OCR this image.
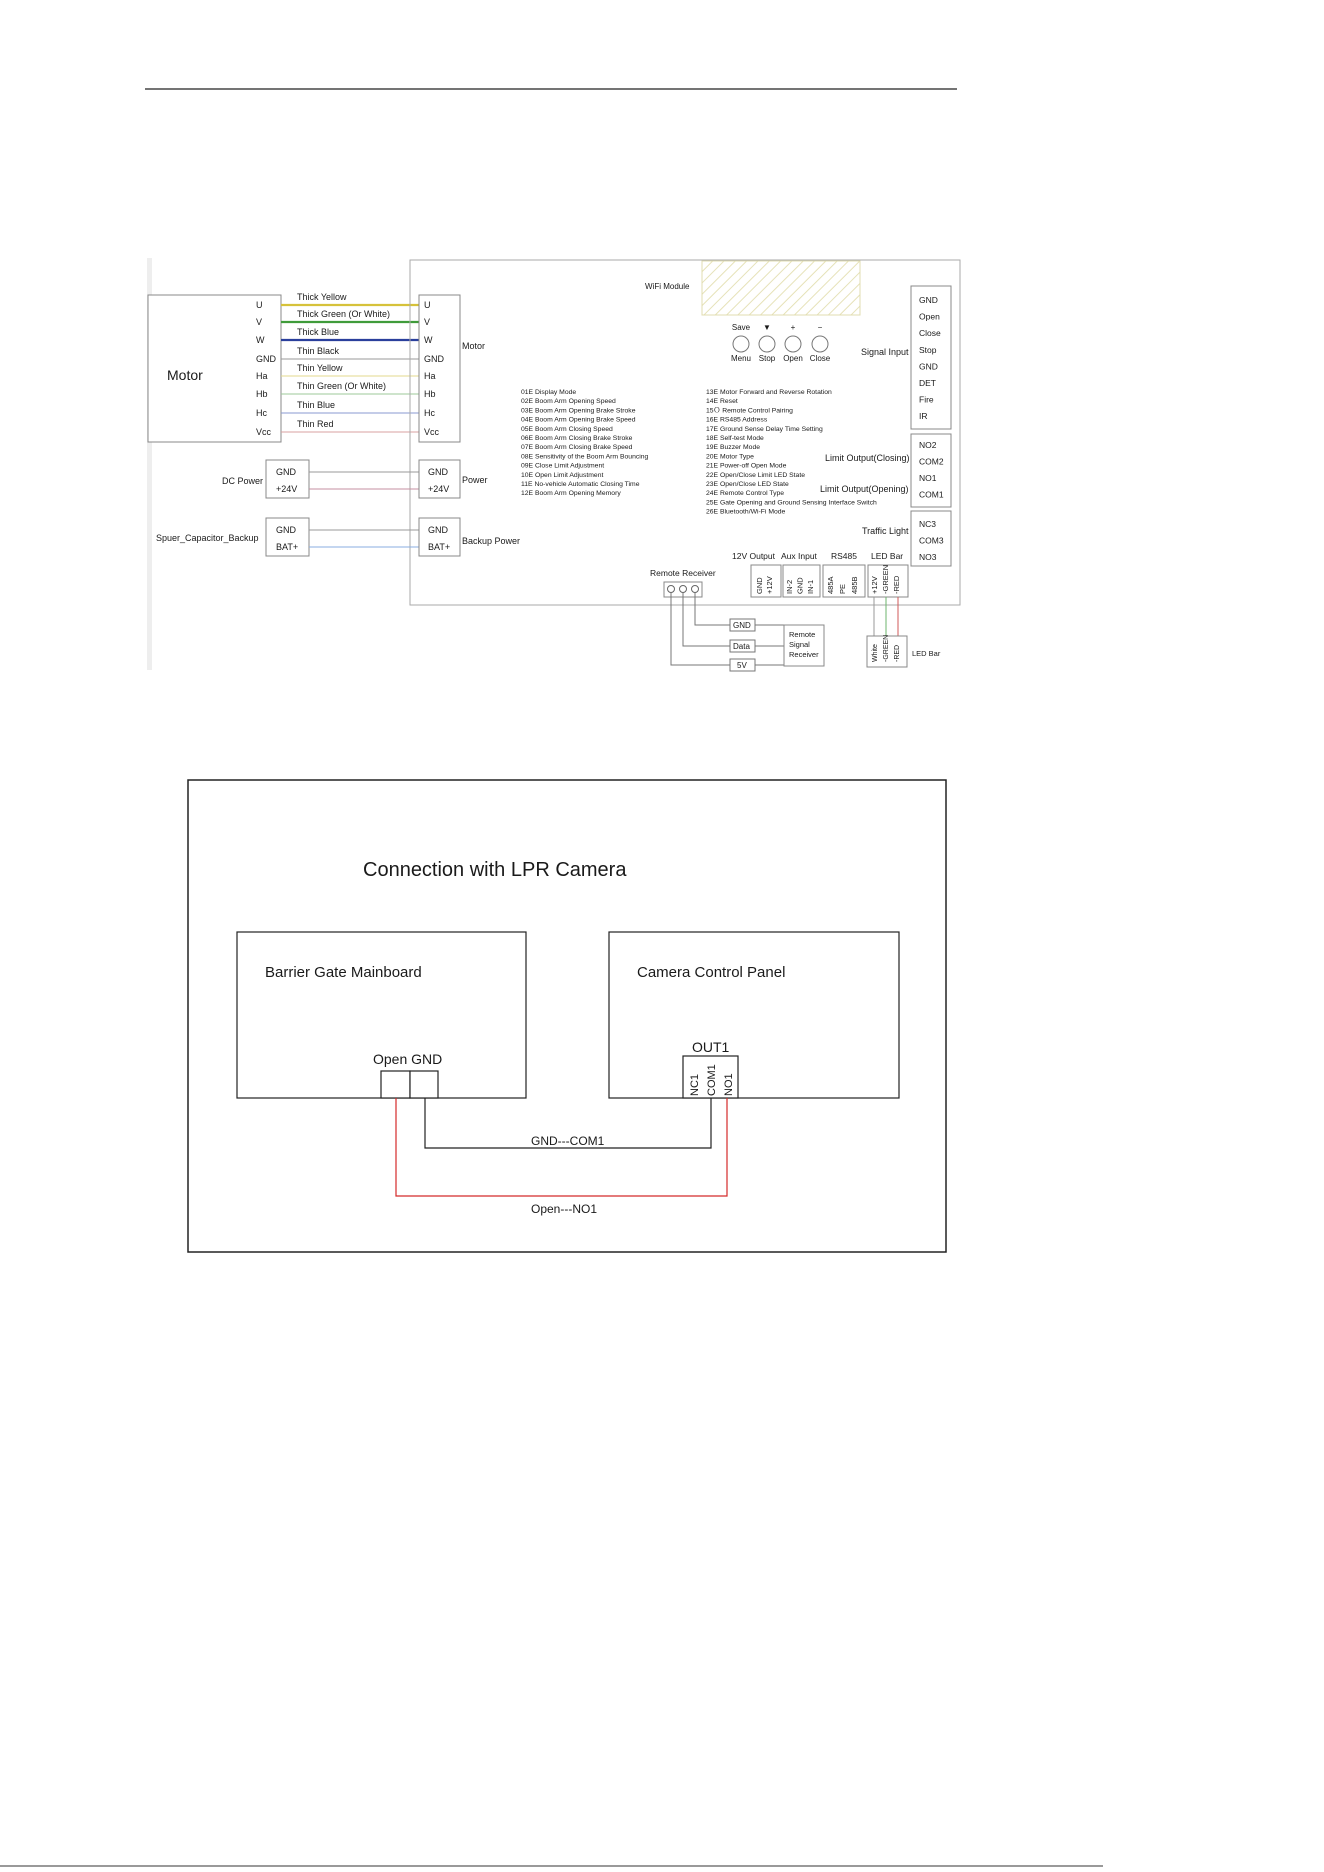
Motor
U
V
W
GND
Ha
Hb
Hc
Vcc
Thick Yellow
Thick Green (Or White)
Thick Blue
Thin Black
Thin Yellow
Thin Green (Or White)
Thin Blue
Thin Red
U
V
W
GND
Ha
Hb
Hc
Vcc
Motor
DC Power
GND
+24V
GND
+24V
Power
Spuer_Capacitor_Backup
GND
BAT+
GND
BAT+
Backup Power
WiFi Module
Save
Menu
▼
Stop
+
Open
−
Close
01E Display Mode
02E Boom Arm Opening Speed
03E Boom Arm Opening Brake Stroke
04E Boom Arm Opening Brake Speed
05E Boom Arm Closing Speed
06E Boom Arm Closing Brake Stroke
07E Boom Arm Closing Brake Speed
08E Sensitivity of the Boom Arm Bouncing
09E Close Limit Adjustment
10E Open Limit Adjustment
11E No-vehicle Automatic Closing Time
12E Boom Arm Opening Memory
13E Motor Forward and Reverse Rotation
14E Reset
15Ｏ Remote Control Pairing
16E RS485 Address
17E Ground Sense Delay Time Setting
18E Self-test Mode
19E Buzzer Mode
20E Motor Type
21E Power-off Open Mode
22E Open/Close Limit LED State
23E Open/Close LED State
24E Remote Control Type
25E Gate Opening and Ground Sensing Interface Switch
26E Bluetooth/Wi-Fi Mode
Signal Input
GND
Open
Close
Stop
GND
DET
Fire
IR
Limit Output(Closing)
Limit Output(Opening)
NO2
COM2
NO1
COM1
Traffic Light
NC3
COM3
NO3
12V Output
GND +12V
Aux Input
IN-2 GND IN-1
RS485
485A PE 485B
LED Bar
+12V -GREEN -RED
Remote Receiver
GND
Data
5V
Remote Signal Receiver	White -GREEN -RED LED Bar
Connection with LPR Camera
Barrier Gate Mainboard
Open GND
Camera Control Panel
OUT1
NC1 COM1 NO1
GND---COM1
Open---NO1
